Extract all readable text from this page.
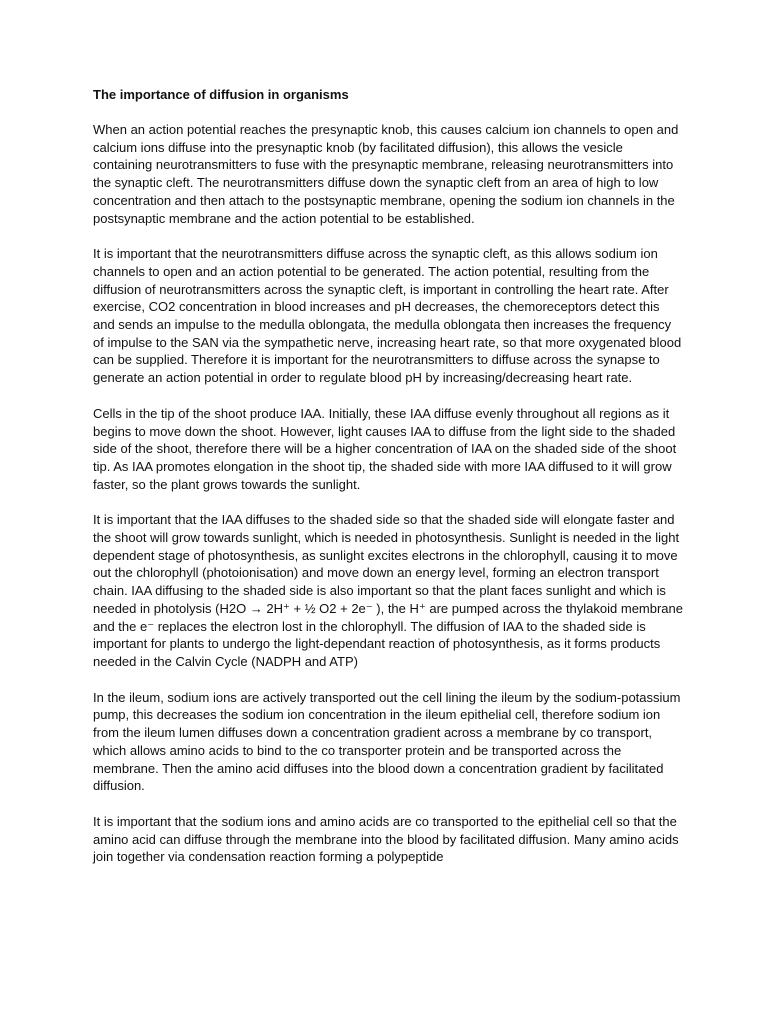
The importance of diffusion in organisms

When an action potential reaches the presynaptic knob, this causes calcium ion channels to open and calcium ions diffuse into the presynaptic knob (by facilitated diffusion), this allows the vesicle containing neurotransmitters to fuse with the presynaptic membrane, releasing neurotransmitters into the synaptic cleft. The neurotransmitters diffuse down the synaptic cleft from an area of high to low concentration and then attach to the postsynaptic membrane, opening the sodium ion channels in the postsynaptic membrane and the action potential to be established.

It is important that the neurotransmitters diffuse across the synaptic cleft, as this allows sodium ion channels to open and an action potential to be generated. The action potential, resulting from the diffusion of neurotransmitters across the synaptic cleft, is important in controlling the heart rate. After exercise, CO2 concentration in blood increases and pH decreases, the chemoreceptors detect this and sends an impulse to the medulla oblongata, the medulla oblongata then increases the frequency of impulse to the SAN via the sympathetic nerve, increasing heart rate, so that more oxygenated blood can be supplied. Therefore it is important for the neurotransmitters to diffuse across the synapse to generate an action potential in order to regulate blood pH by increasing/decreasing heart rate.

Cells in the tip of the shoot produce IAA. Initially, these IAA diffuse evenly throughout all regions as it begins to move down the shoot. However, light causes IAA to diffuse from the light side to the shaded side of the shoot, therefore there will be a higher concentration of IAA on the shaded side of the shoot tip. As IAA promotes elongation in the shoot tip, the shaded side with more IAA diffused to it will grow faster, so the plant grows towards the sunlight.

It is important that the IAA diffuses to the shaded side so that the shaded side will elongate faster and the shoot will grow towards sunlight, which is needed in photosynthesis. Sunlight is needed in the light dependent stage of photosynthesis, as sunlight excites electrons in the chlorophyll, causing it to move out the chlorophyll (photoionisation) and move down an energy level, forming an electron transport chain. IAA diffusing to the shaded side is also important so that the plant faces sunlight and which is needed in photolysis (H2O → 2H⁺ + ½ O2 + 2e⁻ ), the H⁺ are pumped across the thylakoid membrane and the e⁻ replaces the electron lost in the chlorophyll. The diffusion of IAA to the shaded side is important for plants to undergo the light-dependant reaction of photosynthesis, as it forms products needed in the Calvin Cycle (NADPH and ATP)

In the ileum, sodium ions are actively transported out the cell lining the ileum by the sodium-potassium pump, this decreases the sodium ion concentration in the ileum epithelial cell, therefore sodium ion from the ileum lumen diffuses down a concentration gradient across a membrane by co transport, which allows amino acids to bind to the co transporter protein and be transported across the membrane. Then the amino acid diffuses into the blood down a concentration gradient by facilitated diffusion.

It is important that the sodium ions and amino acids are co transported to the epithelial cell so that the amino acid can diffuse through the membrane into the blood by facilitated diffusion. Many amino acids join together via condensation reaction forming a polypeptide
